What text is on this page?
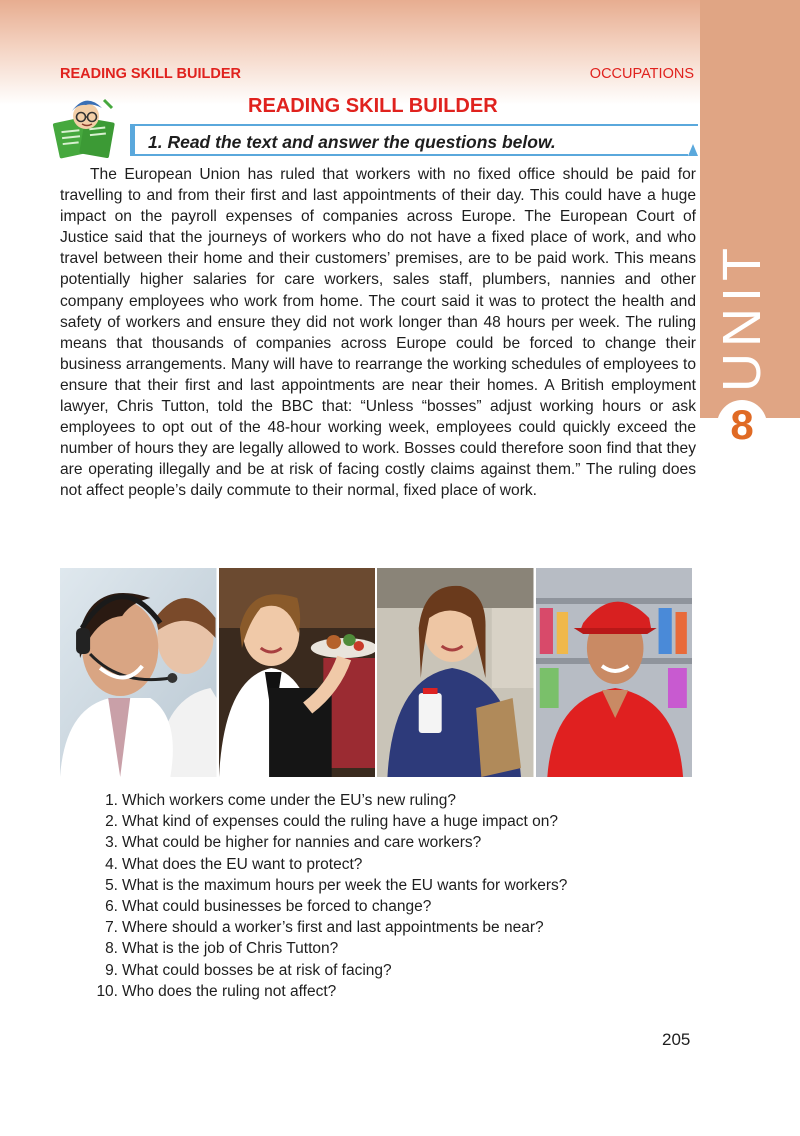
8
UNIT
READING SKILL BUILDER	OCCUPATIONS
READING SKILL BUILDER
1. Read the text and answer the questions below.

The European Union has ruled that workers with no fixed office should be paid for travelling to and from their first and last appointments of their day. This could have a huge impact on the payroll expenses of companies across Europe. The European Court of Justice said that the journeys of workers who do not have a fixed place of work, and who travel between their home and their customers’ premises, are to be paid work. This means potentially higher salaries for care workers, sales staff, plumbers, nannies and other company employees who work from home. The court said it was to protect the health and safety of workers and ensure they did not work longer than 48 hours per week. The ruling means that thousands of companies across Europe could be forced to change their business arrangements. Many will have to rearrange the working schedules of employees to ensure that their first and last appointments are near their homes. A British employment lawyer, Chris Tutton, told the BBC that: “Unless “bosses” adjust working hours or ask employees to opt out of the 48-hour working week, employees could quickly exceed the number of hours they are legally allowed to work. Bosses could therefore soon find that they are operating illegally and be at risk of facing costly claims against them.” The ruling does not affect people’s daily commute to their normal, fixed place of work.

1. Which workers come under the EU’s new ruling?
2. What kind of expenses could the ruling have a huge impact on?
3. What could be higher for nannies and care workers?
4. What does the EU want to protect?
5. What is the maximum hours per week the EU wants for workers?
6. What could businesses be forced to change?
7. Where should a worker’s first and last appointments be near?
8. What is the job of Chris Tutton?
9. What could bosses be at risk of facing?
10. Who does the ruling not affect?
205
